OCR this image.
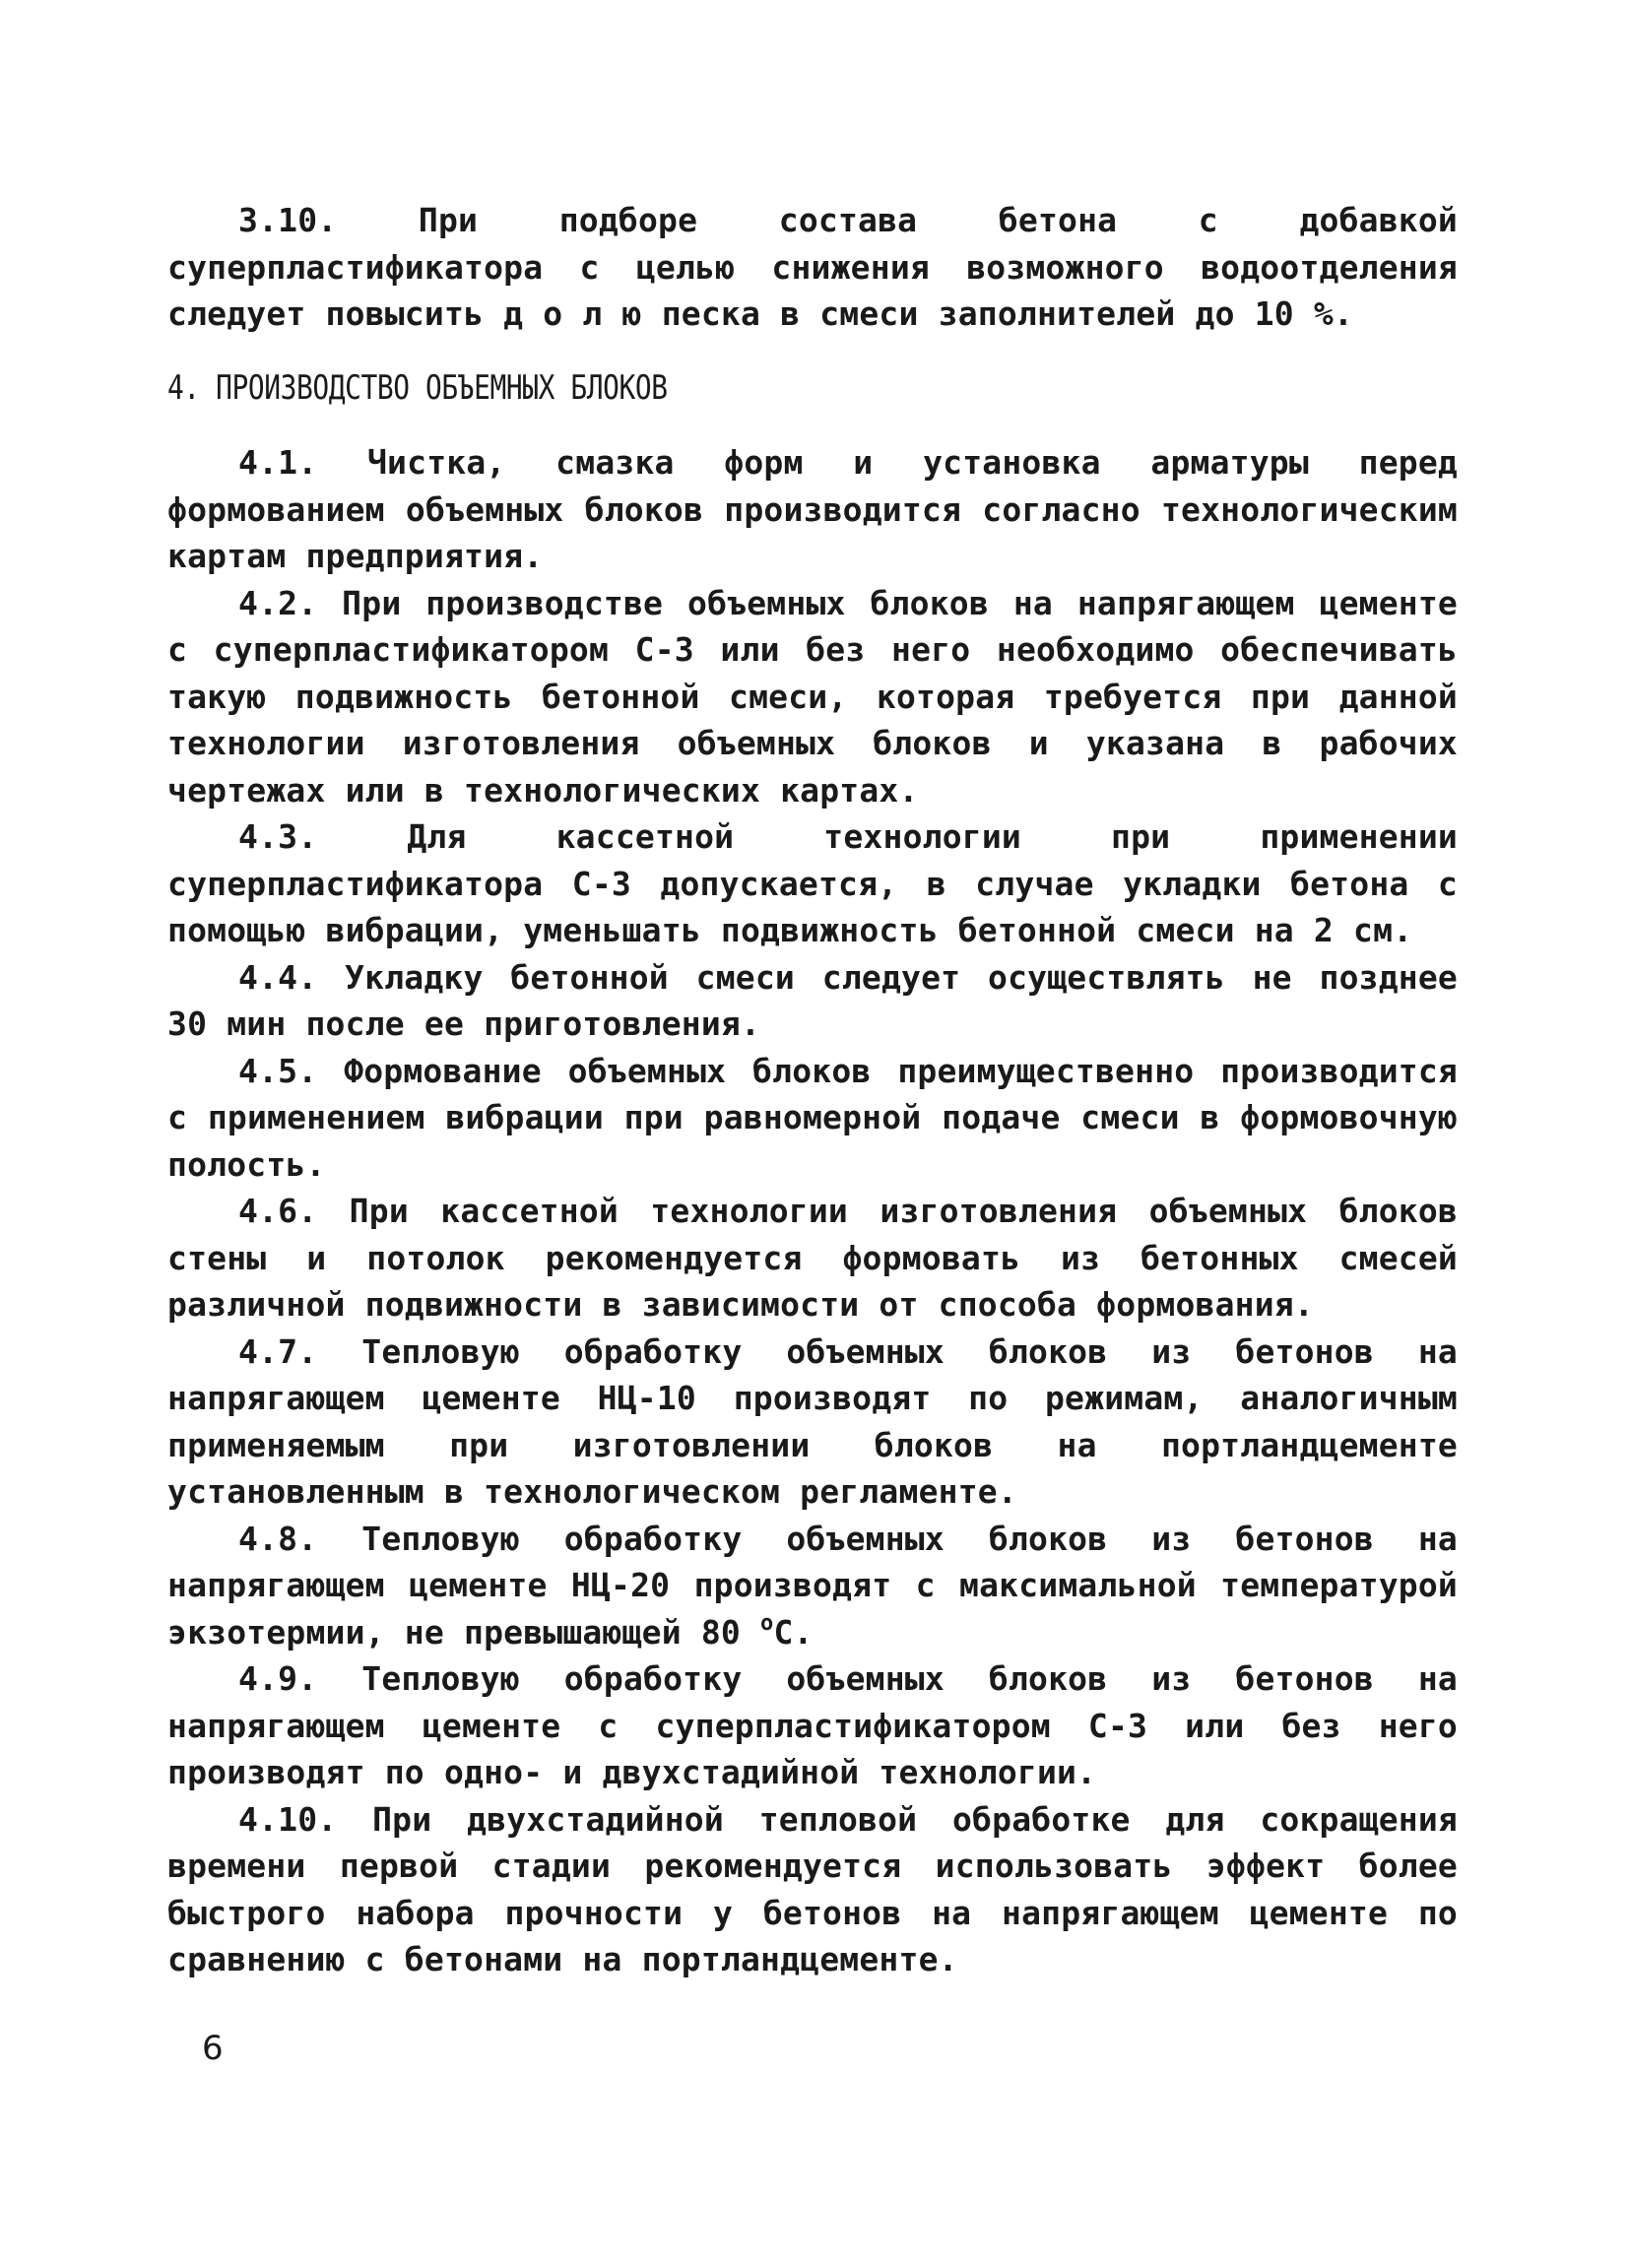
3.10. При подборе состава бетона с добавкой суперпластификатора с целью снижения возможного водоотделения следует повысить д о л ю песка в смеси заполнителей до 10 %.

4. ПРОИЗВОДСТВО ОБЪЕМНЫХ БЛОКОВ

4.1. Чистка, смазка форм и установка арматуры перед формованием объемных блоков производится согласно технологическим картам предприятия.

4.2. При производстве объемных блоков на напрягающем цементе с суперпластификатором С-3 или без него необходимо обеспечивать такую подвижность бетонной смеси, которая требуется при данной технологии изготовления объемных блоков и указана в рабочих чертежах или в технологических картах.

4.3. Для кассетной технологии при применении суперпластификатора С-3 допускается, в случае укладки бетона с помощью вибрации, уменьшать подвижность бетонной смеси на 2 см.

4.4. Укладку бетонной смеси следует осуществлять не позднее 30 мин после ее приготовления.

4.5. Формование объемных блоков преимущественно производится с применением вибрации при равномерной подаче смеси в формовочную полость.

4.6. При кассетной технологии изготовления объемных блоков стены и потолок рекомендуется формовать из бетонных смесей различной подвижности в зависимости от способа формования.

4.7. Тепловую обработку объемных блоков из бетонов на напрягающем цементе НЦ-10 производят по режимам, аналогичным применяемым при изготовлении блоков на портландцементе установленным в технологическом регламенте.

4.8. Тепловую обработку объемных блоков из бетонов на напрягающем цементе НЦ-20 производят с максимальной температурой экзотермии, не превышающей 80 $^o$C.

4.9. Тепловую обработку объемных блоков из бетонов на напрягающем цементе с суперпластификатором С-3 или без него производят по одно- и двухстадийной технологии.

4.10. При двухстадийной тепловой обработке для сокращения времени первой стадии рекомендуется использовать эффект более быстрого набора прочности у бетонов на напрягающем цементе по сравнению с бетонами на портландцементе.

6
